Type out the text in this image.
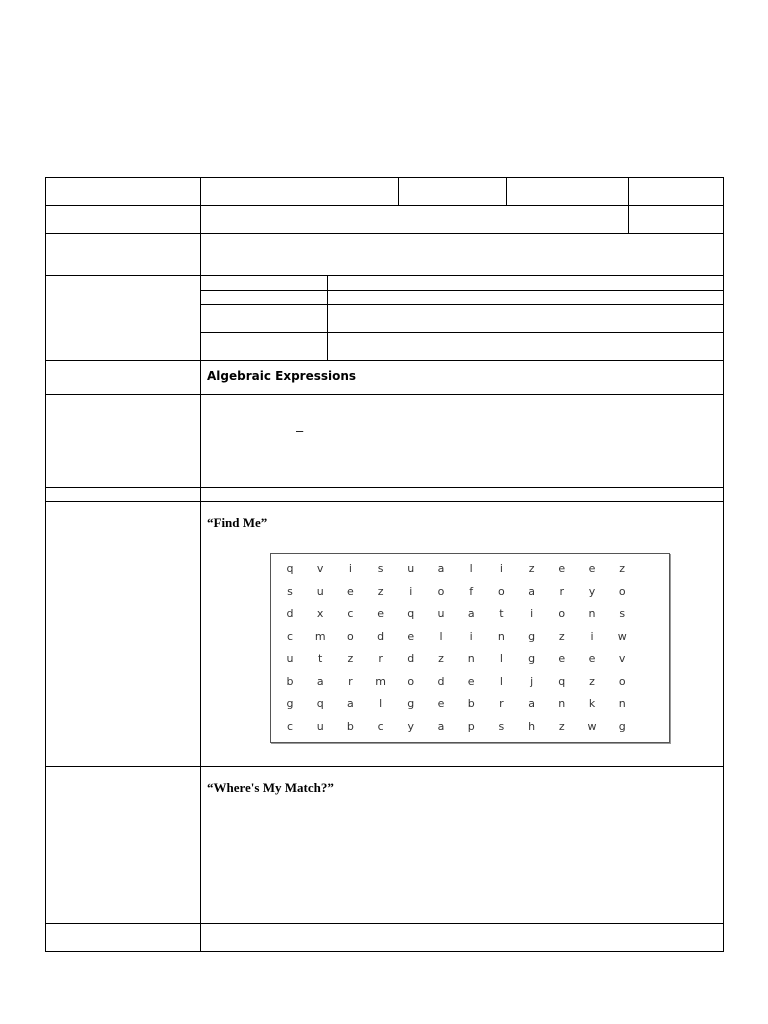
Algebraic Expressions
–
“Find Me”
“Where's My Match?”
q	v	i	s	u	a	l	i	z	e	e	z
s	u	e	z	i	o	f	o	a	r	y	o
d	x	c	e	q	u	a	t	i	o	n	s
c	m	o	d	e	l	i	n	g	z	i	w
u	t	z	r	d	z	n	l	g	e	e	v
b	a	r	m	o	d	e	l	j	q	z	o
g	q	a	l	g	e	b	r	a	n	k	n
c	u	b	c	y	a	p	s	h	z	w	g
